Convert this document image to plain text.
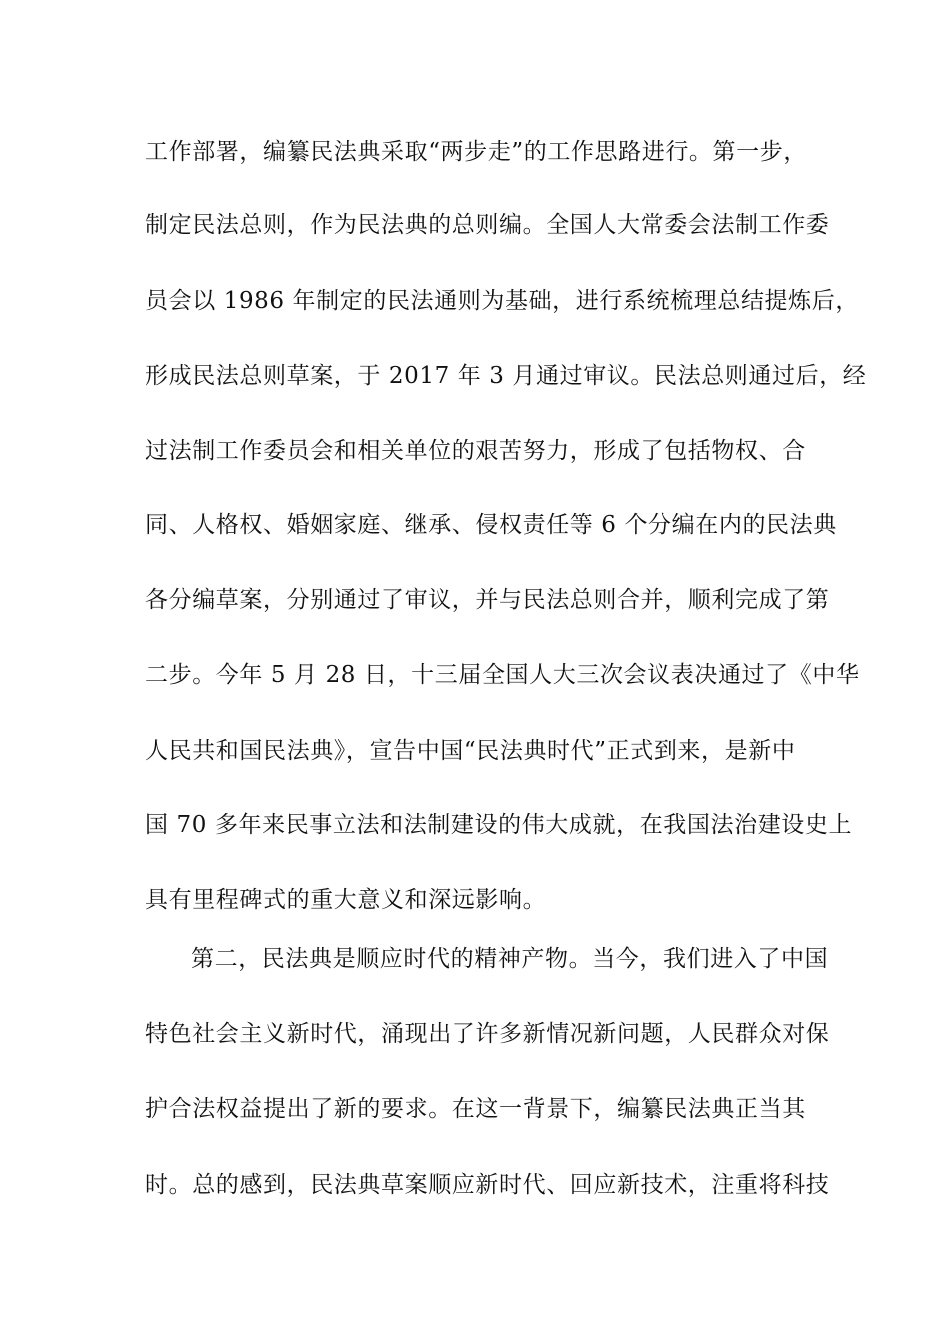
工作部署，编纂民法典采取“两步走”的工作思路进行。第一步，
制定民法总则，作为民法典的总则编。全国人大常委会法制工作委
员会以 1986 年制定的民法通则为基础，进行系统梳理总结提炼后，
形成民法总则草案，于 2017 年 3 月通过审议。民法总则通过后，经
过法制工作委员会和相关单位的艰苦努力，形成了包括物权、合
同、人格权、婚姻家庭、继承、侵权责任等 6 个分编在内的民法典
各分编草案，分别通过了审议，并与民法总则合并，顺利完成了第
二步。今年 5 月 28 日，十三届全国人大三次会议表决通过了《中华
人民共和国民法典》，宣告中国“民法典时代”正式到来，是新中
国 70 多年来民事立法和法制建设的伟大成就，在我国法治建设史上
具有里程碑式的重大意义和深远影响。
第二，民法典是顺应时代的精神产物。当今，我们进入了中国
特色社会主义新时代，涌现出了许多新情况新问题，人民群众对保
护合法权益提出了新的要求。在这一背景下，编纂民法典正当其
时。总的感到，民法典草案顺应新时代、回应新技术，注重将科技
